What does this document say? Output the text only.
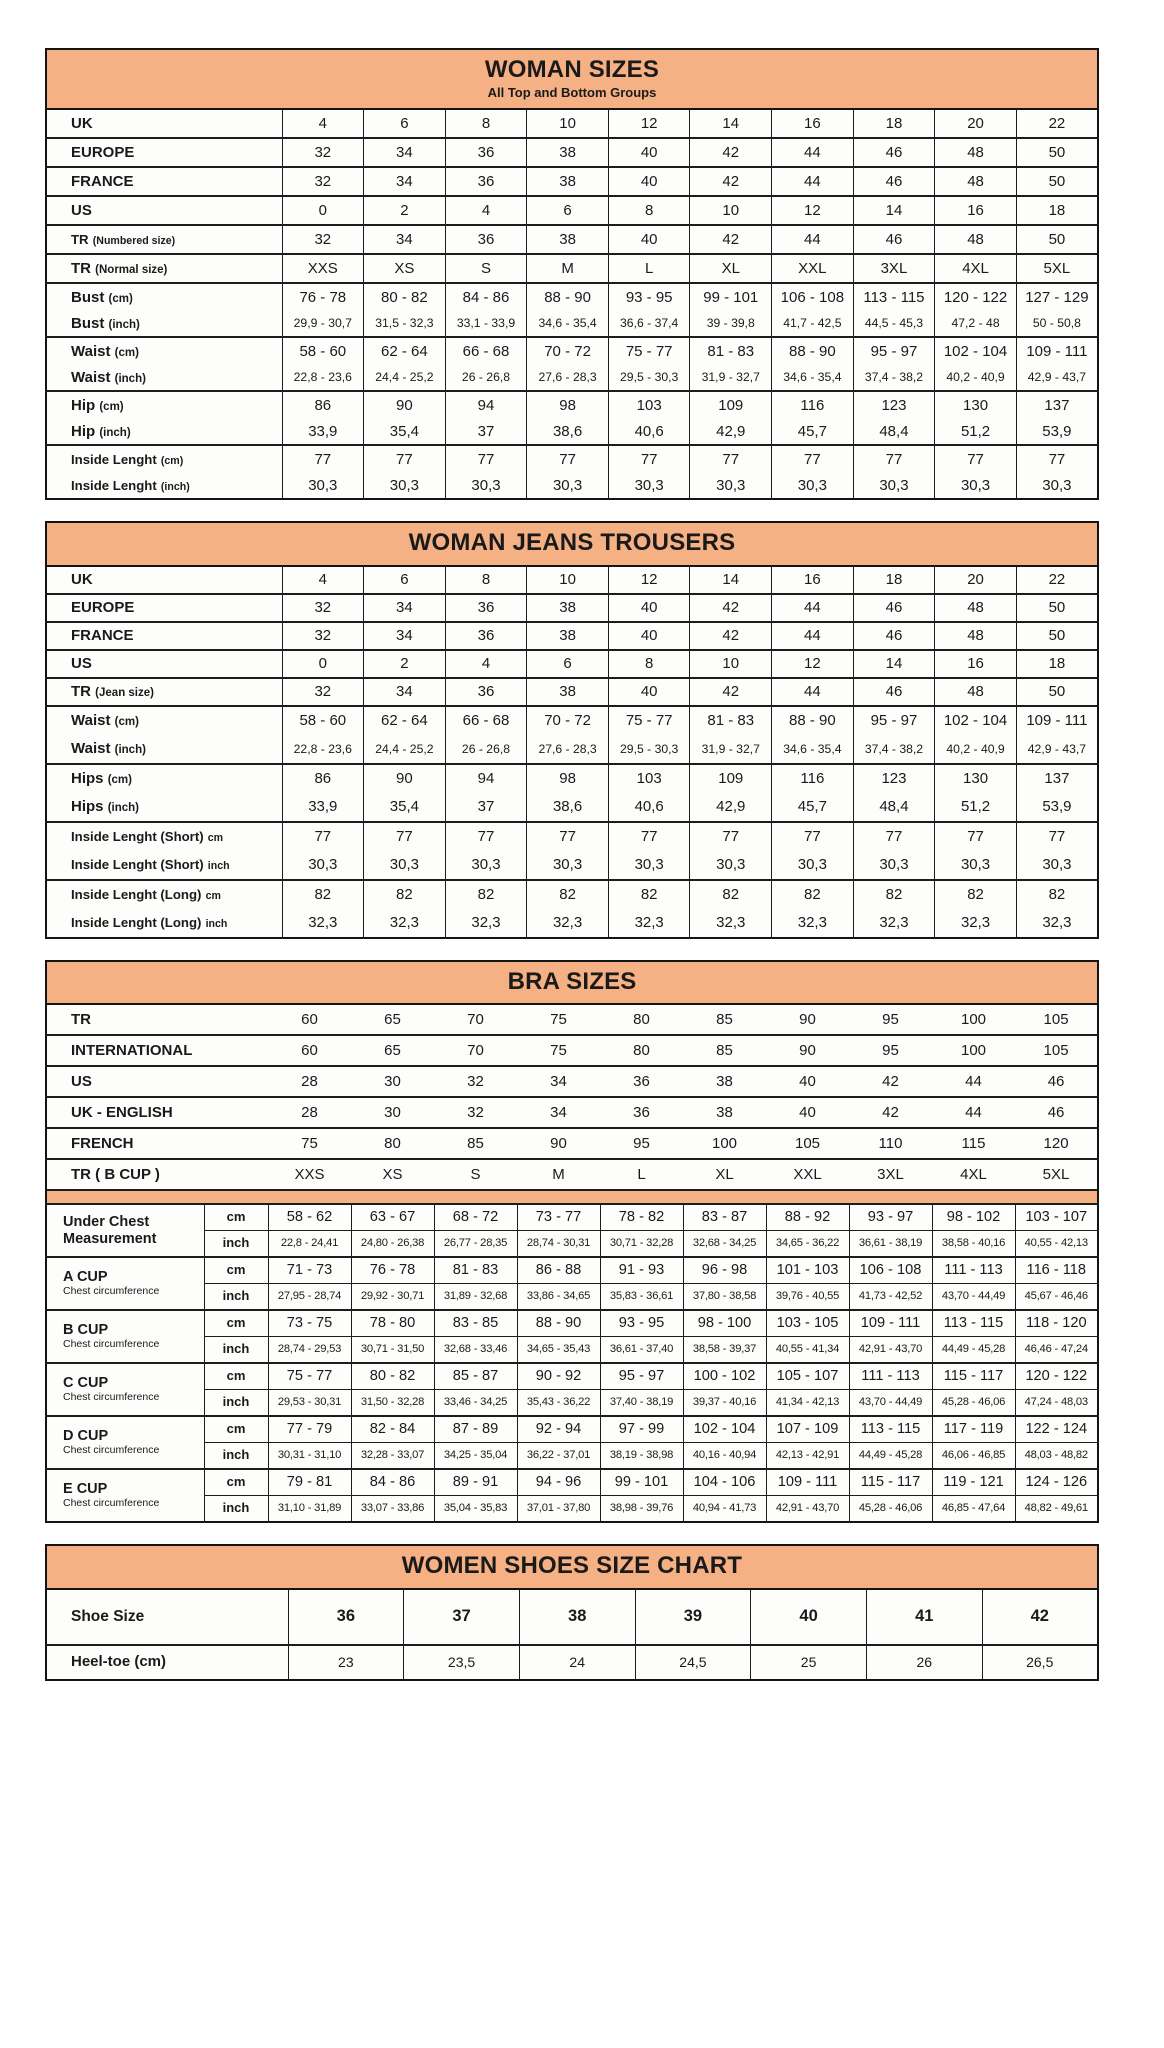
WOMAN SIZES
All Top and Bottom Groups										

UK	4	6	8	10	12	14	16	18	20	22
EUROPE	32	34	36	38	40	42	44	46	48	50
FRANCE	32	34	36	38	40	42	44	46	48	50
US	0	2	4	6	8	10	12	14	16	18
TR (Numbered size)	32	34	36	38	40	42	44	46	48	50
TR (Normal size)	XXS	XS	S	M	L	XL	XXL	3XL	4XL	5XL
Bust (cm)	76 - 78	80 - 82	84 - 86	88 - 90	93 - 95	99 - 101	106 - 108	113 - 115	120 - 122	127 - 129
Bust (inch)	29,9 - 30,7	31,5 - 32,3	33,1 - 33,9	34,6 - 35,4	36,6 - 37,4	39 - 39,8	41,7 - 42,5	44,5 - 45,3	47,2 - 48	50 - 50,8
Waist (cm)	58 - 60	62 - 64	66 - 68	70 - 72	75 - 77	81 - 83	88 - 90	95 - 97	102 - 104	109 - 111
Waist (inch)	22,8 - 23,6	24,4 - 25,2	26 - 26,8	27,6 - 28,3	29,5 - 30,3	31,9 - 32,7	34,6 - 35,4	37,4 - 38,2	40,2 - 40,9	42,9 - 43,7
Hip (cm)	86	90	94	98	103	109	116	123	130	137
Hip (inch)	33,9	35,4	37	38,6	40,6	42,9	45,7	48,4	51,2	53,9
Inside Lenght (cm)	77	77	77	77	77	77	77	77	77	77
Inside Lenght (inch)	30,3	30,3	30,3	30,3	30,3	30,3	30,3	30,3	30,3	30,3
WOMAN JEANS TROUSERS										

UK	4	6	8	10	12	14	16	18	20	22
EUROPE	32	34	36	38	40	42	44	46	48	50
FRANCE	32	34	36	38	40	42	44	46	48	50
US	0	2	4	6	8	10	12	14	16	18
TR (Jean size)	32	34	36	38	40	42	44	46	48	50
Waist (cm)	58 - 60	62 - 64	66 - 68	70 - 72	75 - 77	81 - 83	88 - 90	95 - 97	102 - 104	109 - 111
Waist (inch)	22,8 - 23,6	24,4 - 25,2	26 - 26,8	27,6 - 28,3	29,5 - 30,3	31,9 - 32,7	34,6 - 35,4	37,4 - 38,2	40,2 - 40,9	42,9 - 43,7
Hips (cm)	86	90	94	98	103	109	116	123	130	137
Hips (inch)	33,9	35,4	37	38,6	40,6	42,9	45,7	48,4	51,2	53,9
Inside Lenght (Short) cm	77	77	77	77	77	77	77	77	77	77
Inside Lenght (Short) inch	30,3	30,3	30,3	30,3	30,3	30,3	30,3	30,3	30,3	30,3
Inside Lenght (Long) cm	82	82	82	82	82	82	82	82	82	82
Inside Lenght (Long) inch	32,3	32,3	32,3	32,3	32,3	32,3	32,3	32,3	32,3	32,3
BRA SIZES											

TR		60	65	70	75	80	85	90	95	100	105
INTERNATIONAL		60	65	70	75	80	85	90	95	100	105
US		28	30	32	34	36	38	40	42	44	46
UK - ENGLISH		28	30	32	34	36	38	40	42	44	46
FRENCH		75	80	85	90	95	100	105	110	115	120
TR ( B CUP )		XXS	XS	S	M	L	XL	XXL	3XL	4XL	5XL

Under Chest
Measurement	cm	58 - 62	63 - 67	68 - 72	73 - 77	78 - 82	83 - 87	88 - 92	93 - 97	98 - 102	103 - 107
	inch	22,8 - 24,41	24,80 - 26,38	26,77 - 28,35	28,74 - 30,31	30,71 - 32,28	32,68 - 34,25	34,65 - 36,22	36,61 - 38,19	38,58 - 40,16	40,55 - 42,13

A CUP
Chest circumference	cm	71 - 73	76 - 78	81 - 83	86 - 88	91 - 93	96 - 98	101 - 103	106 - 108	111 - 113	116 - 118
	inch	27,95 - 28,74	29,92 - 30,71	31,89 - 32,68	33,86 - 34,65	35,83 - 36,61	37,80 - 38,58	39,76 - 40,55	41,73 - 42,52	43,70 - 44,49	45,67 - 46,46

B CUP
Chest circumference	cm	73 - 75	78 - 80	83 - 85	88 - 90	93 - 95	98 - 100	103 - 105	109 - 111	113 - 115	118 - 120
	inch	28,74 - 29,53	30,71 - 31,50	32,68 - 33,46	34,65 - 35,43	36,61 - 37,40	38,58 - 39,37	40,55 - 41,34	42,91 - 43,70	44,49 - 45,28	46,46 - 47,24

C CUP
Chest circumference	cm	75 - 77	80 - 82	85 - 87	90 - 92	95 - 97	100 - 102	105 - 107	111 - 113	115 - 117	120 - 122
	inch	29,53 - 30,31	31,50 - 32,28	33,46 - 34,25	35,43 - 36,22	37,40 - 38,19	39,37 - 40,16	41,34 - 42,13	43,70 - 44,49	45,28 - 46,06	47,24 - 48,03

D CUP
Chest circumference	cm	77 - 79	82 - 84	87 - 89	92 - 94	97 - 99	102 - 104	107 - 109	113 - 115	117 - 119	122 - 124
	inch	30,31 - 31,10	32,28 - 33,07	34,25 - 35,04	36,22 - 37,01	38,19 - 38,98	40,16 - 40,94	42,13 - 42,91	44,49 - 45,28	46,06 - 46,85	48,03 - 48,82

E CUP
Chest circumference	cm	79 - 81	84 - 86	89 - 91	94 - 96	99 - 101	104 - 106	109 - 111	115 - 117	119 - 121	124 - 126
	inch	31,10 - 31,89	33,07 - 33,86	35,04 - 35,83	37,01 - 37,80	38,98 - 39,76	40,94 - 41,73	42,91 - 43,70	45,28 - 46,06	46,85 - 47,64	48,82 - 49,61
WOMEN SHOES SIZE CHART							

Shoe Size	36	37	38	39	40	41	42
Heel-toe (cm)	23	23,5	24	24,5	25	26	26,5
